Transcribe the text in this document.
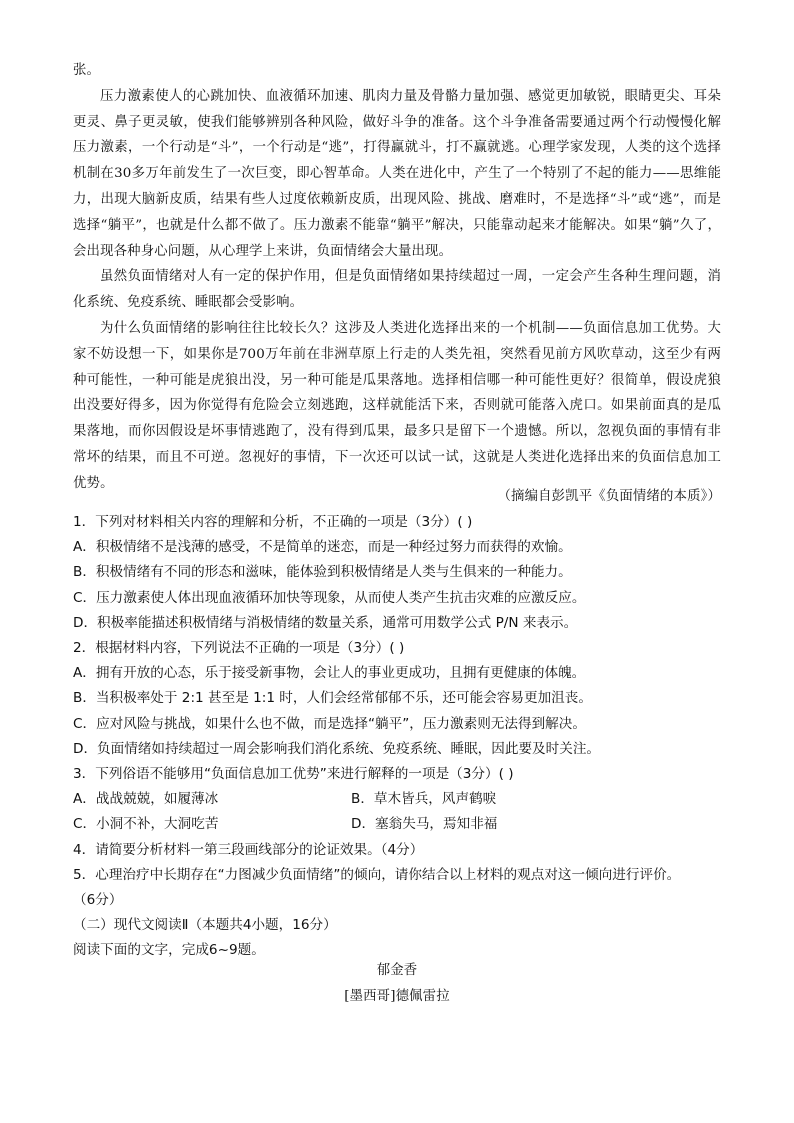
张。

压力激素使人的心跳加快、血液循环加速、肌肉力量及骨骼力量加强、感觉更加敏锐，眼睛更尖、耳朵更灵、鼻子更灵敏，使我们能够辨别各种风险，做好斗争的准备。这个斗争准备需要通过两个行动慢慢化解压力激素，一个行动是“斗”，一个行动是“逃”，打得赢就斗，打不赢就逃。心理学家发现，人类的这个选择机制在30多万年前发生了一次巨变，即心智革命。人类在进化中，产生了一个特别了不起的能力——思维能力，出现大脑新皮质，结果有些人过度依赖新皮质，出现风险、挑战、磨难时，不是选择“斗”或“逃”，而是选择“躺平”，也就是什么都不做了。压力激素不能靠“躺平”解决，只能靠动起来才能解决。如果“躺”久了，会出现各种身心问题，从心理学上来讲，负面情绪会大量出现。

虽然负面情绪对人有一定的保护作用，但是负面情绪如果持续超过一周，一定会产生各种生理问题，消化系统、免疫系统、睡眠都会受影响。

为什么负面情绪的影响往往比较长久？这涉及人类进化选择出来的一个机制——负面信息加工优势。大家不妨设想一下，如果你是700万年前在非洲草原上行走的人类先祖，突然看见前方风吹草动，这至少有两种可能性，一种可能是虎狼出没，另一种可能是瓜果落地。选择相信哪一种可能性更好？很简单，假设虎狼出没要好得多，因为你觉得有危险会立刻逃跑，这样就能活下来，否则就可能落入虎口。如果前面真的是瓜果落地，而你因假设是坏事情逃跑了，没有得到瓜果，最多只是留下一个遗憾。所以，忽视负面的事情有非常坏的结果，而且不可逆。忽视好的事情，下一次还可以试一试，这就是人类进化选择出来的负面信息加工优势。

（摘编自彭凯平《负面情绪的本质》）

1．下列对材料相关内容的理解和分析，不正确的一项是（3分）( )

A．积极情绪不是浅薄的感受，不是简单的迷恋，而是一种经过努力而获得的欢愉。

B．积极情绪有不同的形态和滋味，能体验到积极情绪是人类与生俱来的一种能力。

C．压力激素使人体出现血液循环加快等现象，从而使人类产生抗击灾难的应激反应。

D．积极率能描述积极情绪与消极情绪的数量关系，通常可用数学公式 P/N 来表示。

2．根据材料内容，下列说法不正确的一项是（3分）( )

A．拥有开放的心态，乐于接受新事物，会让人的事业更成功，且拥有更健康的体魄。

B．当积极率处于 2:1 甚至是 1:1 时，人们会经常郁郁不乐，还可能会容易更加沮丧。

C．应对风险与挑战，如果什么也不做，而是选择“躺平”，压力激素则无法得到解决。

D．负面情绪如持续超过一周会影响我们消化系统、免疫系统、睡眠，因此要及时关注。

3．下列俗语不能够用“负面信息加工优势”来进行解释的一项是（3分）( )

A．战战兢兢，如履薄冰	B．草木皆兵，风声鹤唳
C．小洞不补，大洞吃苦	D．塞翁失马，焉知非福

4．请简要分析材料一第三段画线部分的论证效果。（4分）

5．心理治疗中长期存在“力图减少负面情绪”的倾向，请你结合以上材料的观点对这一倾向进行评价。

（6分）

（二）现代文阅读Ⅱ（本题共4小题，16分）

阅读下面的文字，完成6~9题。

郁金香
[墨西哥]德佩雷拉
